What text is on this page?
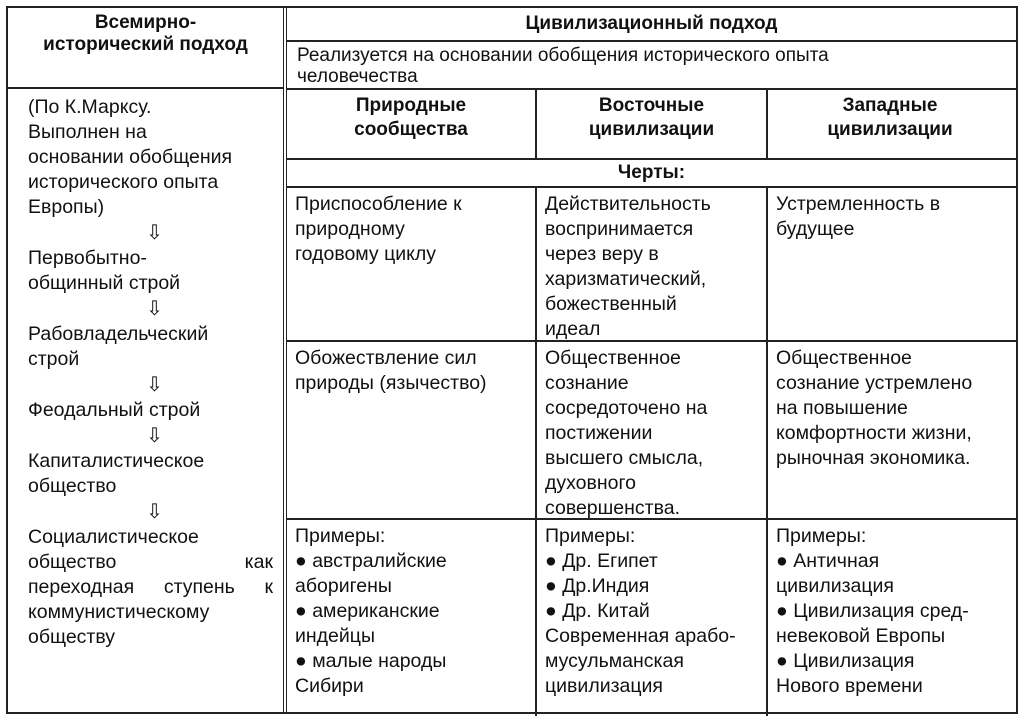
Всемирно-
исторический подход
(По К.Марксу.
Выполнен на
основании обобщения
исторического опыта
Европы)
⇩
Первобытно-
общинный строй
⇩
Рабовладельческий
строй
⇩
Феодальный строй
⇩
Капиталистическое
общество
⇩
Социалистическое
общество	как
переходная ступень к
коммунистическому
обществу
Цивилизационный подход
Реализуется на основании обобщения исторического опыта
человечества
Природные
сообщества
Восточные
цивилизации
Западные
цивилизации
Черты:
Приспособление к
природному
годовому циклу
Действительность
воспринимается
через веру в
харизматический,
божественный
идеал
Устремленность в
будущее
Обожествление сил
природы (язычество)
Общественное
сознание
сосредоточено на
постижении
высшего смысла,
духовного
совершенства.
Общественное
сознание устремлено
на повышение
комфортности жизни,
рыночная экономика.
Примеры:
● австралийские
аборигены
● американские
индейцы
● малые народы
Сибири
Примеры:
● Др. Египет
● Др.Индия
● Др. Китай
Современная арабо-
мусульманская
цивилизация
Примеры:
● Античная
цивилизация
● Цивилизация сред-
невековой Европы
● Цивилизация
Нового времени
